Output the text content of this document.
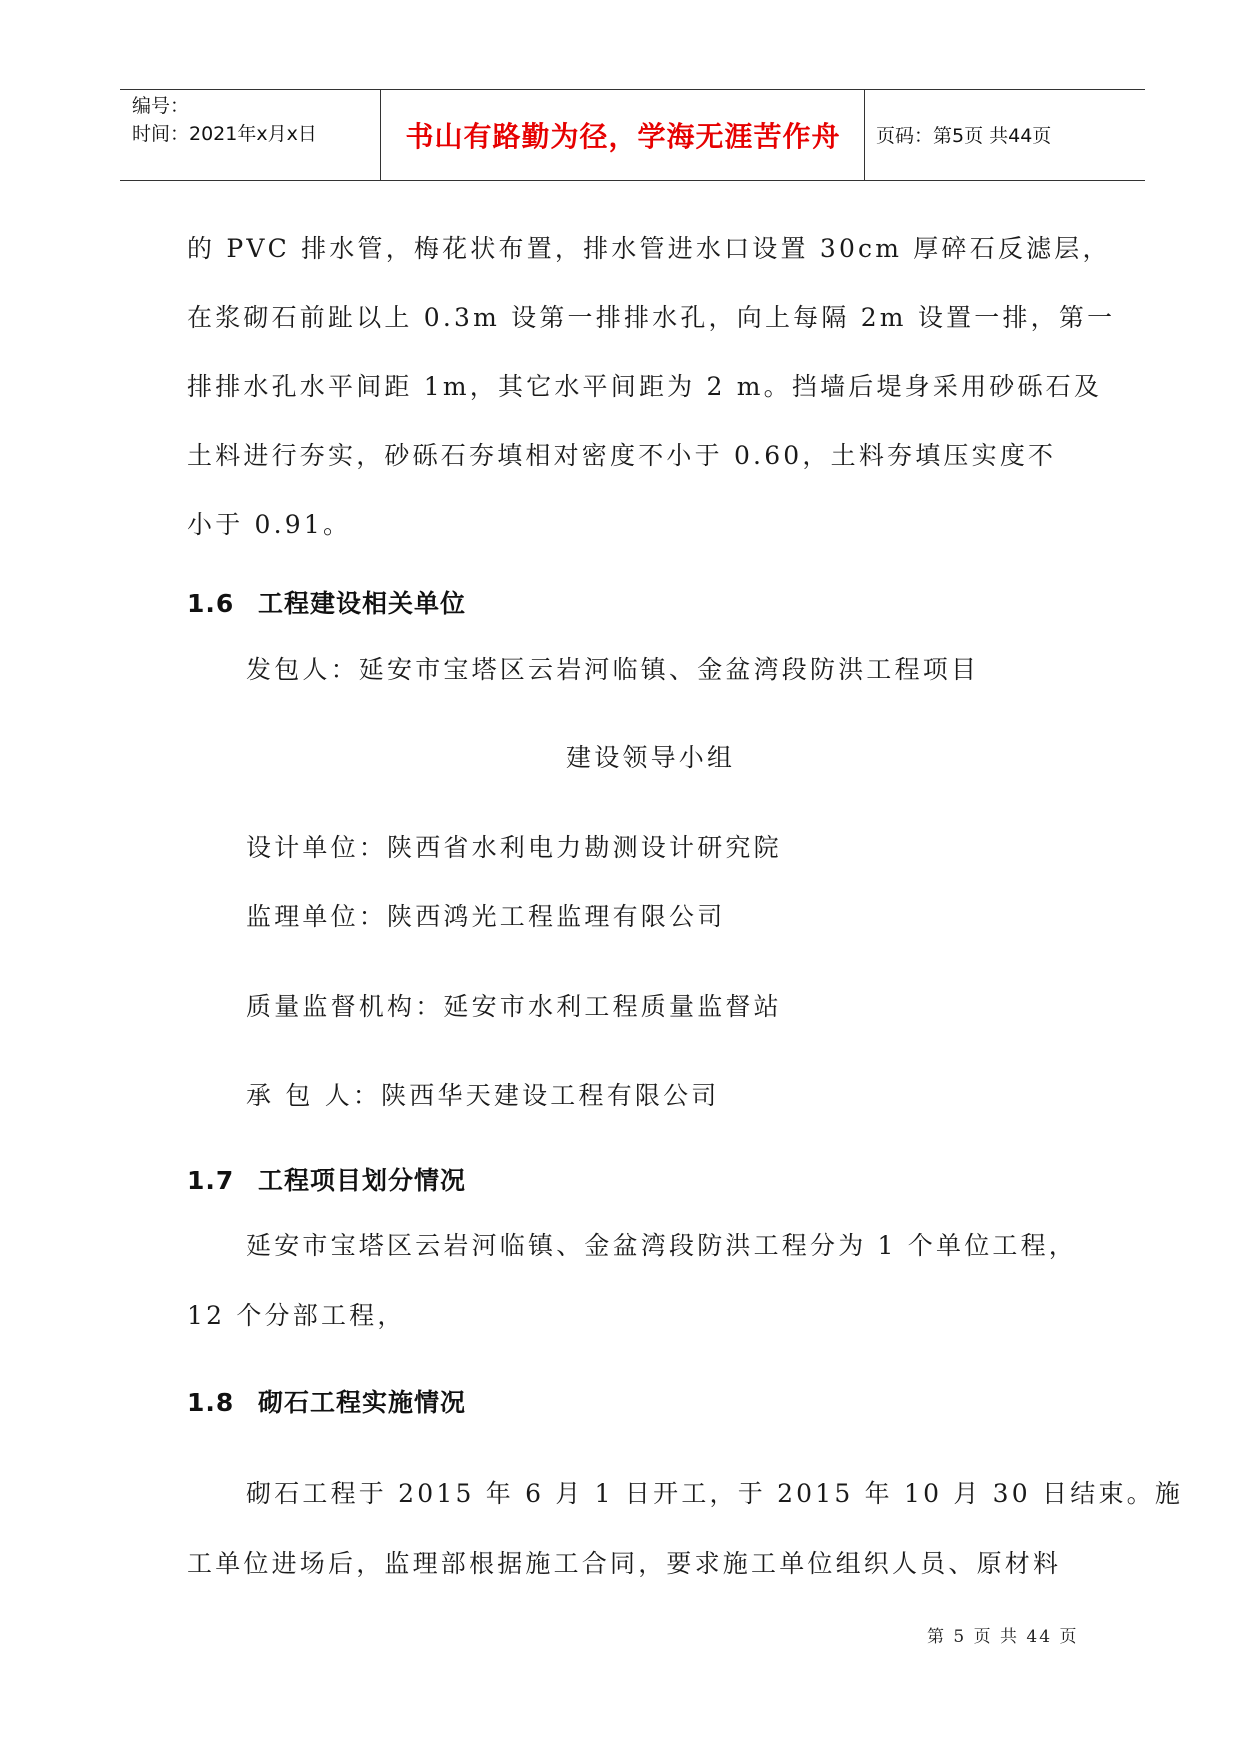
编号：
时间：2021年x月x日	书山有路勤为径，学海无涯苦作舟	页码：第5页 共44页
的 PVC 排水管，梅花状布置，排水管进水口设置 30cm 厚碎石反滤层，
在浆砌石前趾以上 0.3m 设第一排排水孔，向上每隔 2m 设置一排，第一
排排水孔水平间距 1m，其它水平间距为 2 m。挡墙后堤身采用砂砾石及
土料进行夯实，砂砾石夯填相对密度不小于 0.60，土料夯填压实度不
小于 0.91。
1.6 工程建设相关单位
发包人：延安市宝塔区云岩河临镇、金盆湾段防洪工程项目
建设领导小组
设计单位：陕西省水利电力勘测设计研究院
监理单位：陕西鸿光工程监理有限公司
质量监督机构：延安市水利工程质量监督站
承 包 人：陕西华天建设工程有限公司
1.7 工程项目划分情况
延安市宝塔区云岩河临镇、金盆湾段防洪工程分为 1 个单位工程，
12 个分部工程，
1.8 砌石工程实施情况
砌石工程于 2015 年 6 月 1 日开工，于 2015 年 10 月 30 日结束。施
工单位进场后，监理部根据施工合同，要求施工单位组织人员、原材料
第 5 页 共 44 页
